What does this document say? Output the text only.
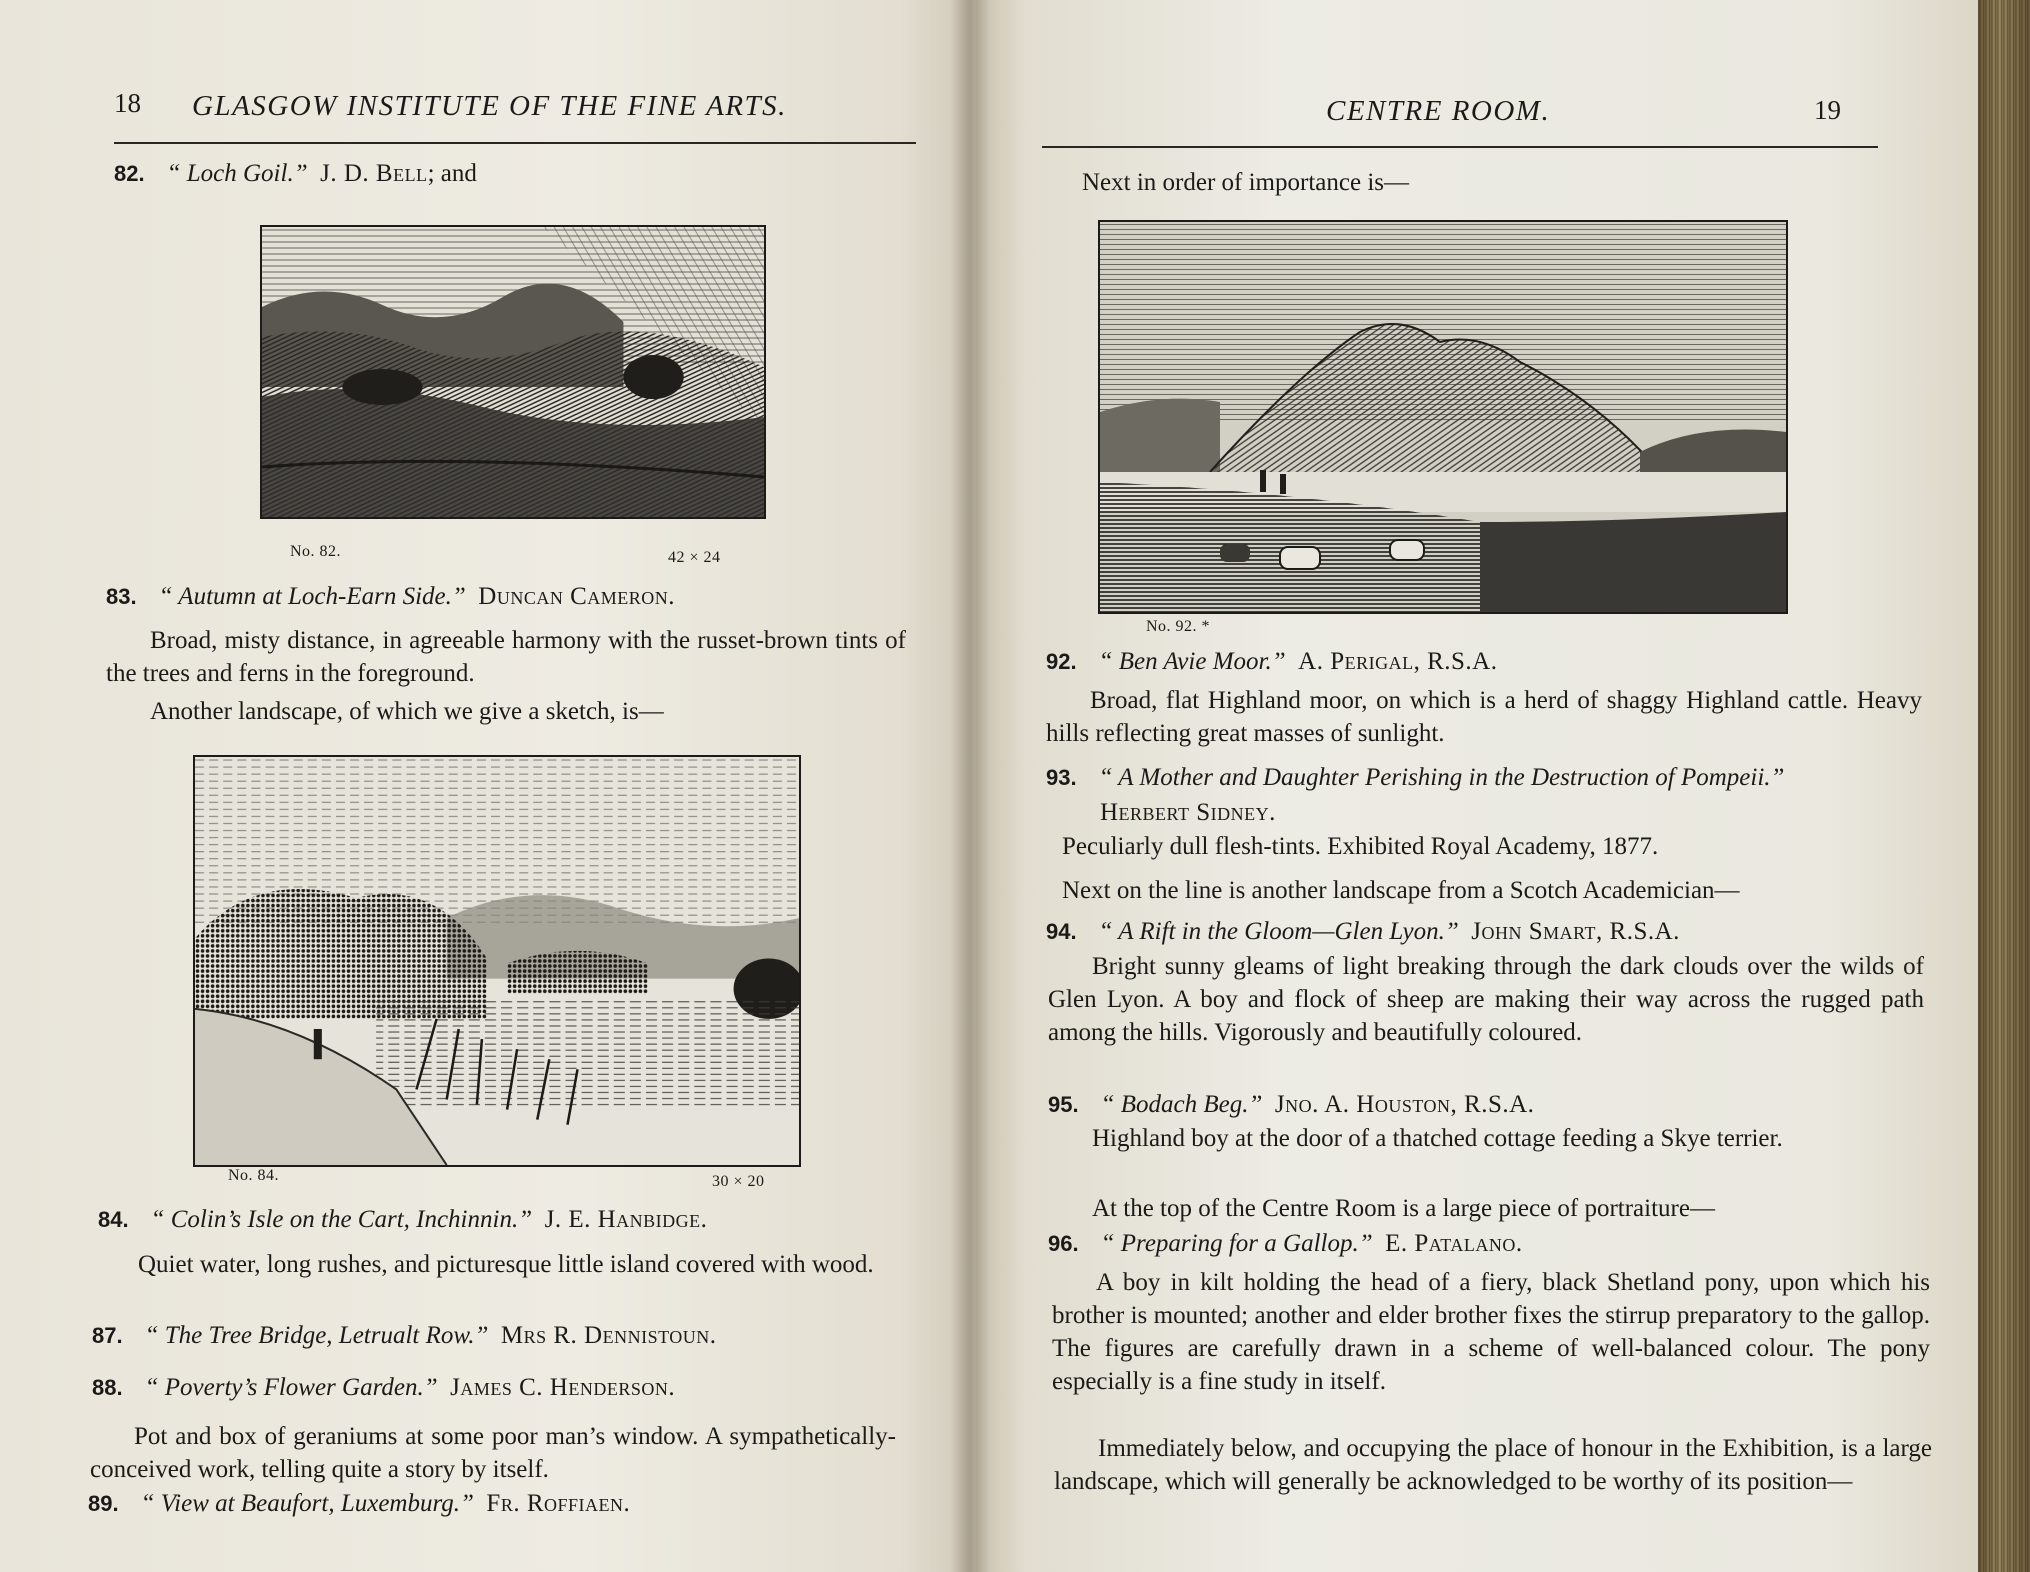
18 GLASGOW INSTITUTE OF THE FINE ARTS.
82. “ Loch Goil.” J. D. Bell; and
No. 82.	42 × 24
83. “ Autumn at Loch-Earn Side.” Duncan Cameron.
Broad, misty distance, in agreeable harmony with the russet-brown tints of the trees and ferns in the foreground.
Another landscape, of which we give a sketch, is—
No. 84.	30 × 20
84. “ Colin’s Isle on the Cart, Inchinnin.” J. E. Hanbidge.
Quiet water, long rushes, and picturesque little island covered with wood.
87. “ The Tree Bridge, Letrualt Row.” Mrs R. Dennistoun.
88. “ Poverty’s Flower Garden.” James C. Henderson.
Pot and box of geraniums at some poor man’s window. A sympathetically-conceived work, telling quite a story by itself.
89. “ View at Beaufort, Luxemburg.” Fr. Roffiaen.
CENTRE ROOM.	19
Next in order of importance is—
No. 92. *
92. “ Ben Avie Moor.” A. Perigal, R.S.A.
Broad, flat Highland moor, on which is a herd of shaggy Highland cattle. Heavy hills reflecting great masses of sunlight.
93. “ A Mother and Daughter Perishing in the Destruction of Pompeii.”
Herbert Sidney.
Peculiarly dull flesh-tints. Exhibited Royal Academy, 1877.
Next on the line is another landscape from a Scotch Academician—
94. “ A Rift in the Gloom—Glen Lyon.” John Smart, R.S.A.
Bright sunny gleams of light breaking through the dark clouds over the wilds of Glen Lyon. A boy and flock of sheep are making their way across the rugged path among the hills. Vigorously and beautifully coloured.
95. “ Bodach Beg.” Jno. A. Houston, R.S.A.
Highland boy at the door of a thatched cottage feeding a Skye terrier.
At the top of the Centre Room is a large piece of portraiture—
96. “ Preparing for a Gallop.” E. Patalano.
A boy in kilt holding the head of a fiery, black Shetland pony, upon which his brother is mounted; another and elder brother fixes the stirrup preparatory to the gallop. The figures are carefully drawn in a scheme of well-balanced colour. The pony especially is a fine study in itself.
Immediately below, and occupying the place of honour in the Exhibition, is a large landscape, which will generally be acknowledged to be worthy of its position—
